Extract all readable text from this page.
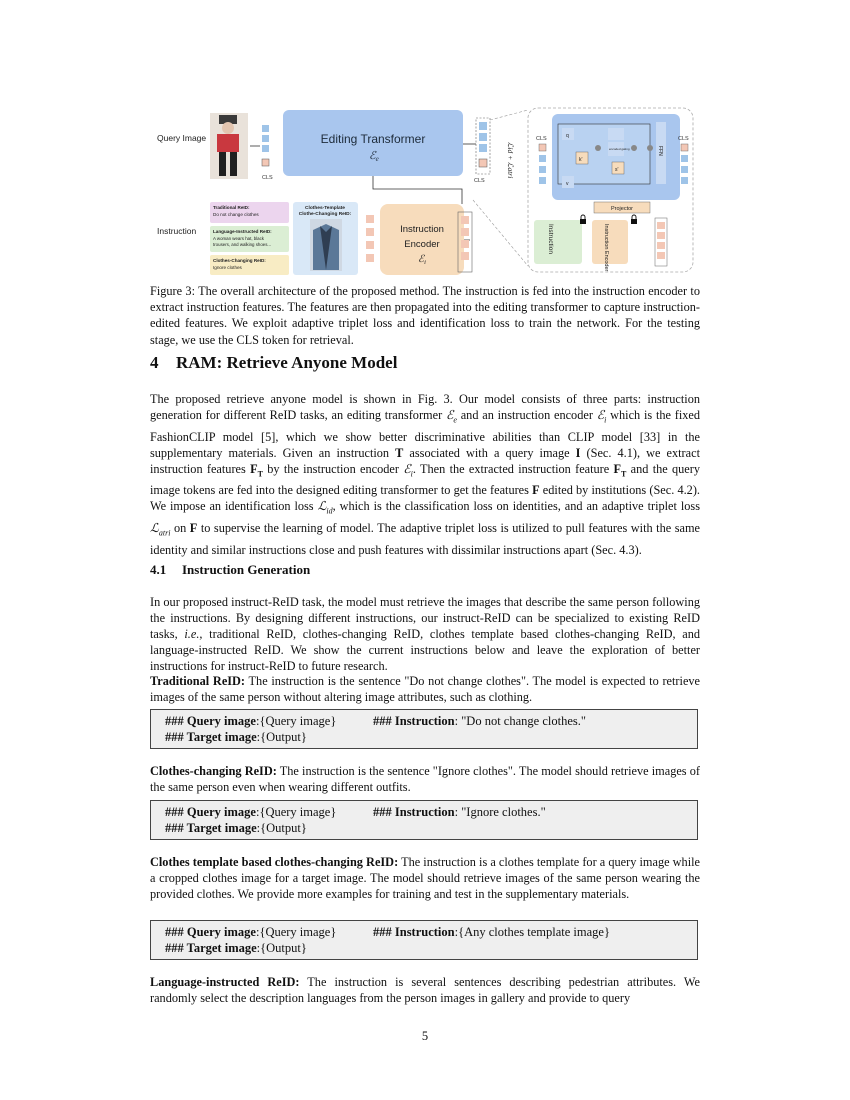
Query Image
CLS
Editing Transformer
ℰe
CLS
ℒid + ℒatri
Instruction
Traditional ReID:
Do not change clothes
Language-Instructed ReID:
A woman wears hat, black
trousers, and walking shoes...
Clothes-Changing ReID:
Ignore clothes
Clothes-Template
Clothe-Changing ReID:
Instruction
Encoder
ℰ$_i$
CLS	q
k'
v
encoded gating
s'
FFN
CLS
Projector
Instruction	Instruction Encoder
Figure 3: The overall architecture of the proposed method. The instruction is fed into the instruction encoder to extract instruction features. The features are then propagated into the editing transformer to capture instruction-edited features. We exploit adaptive triplet loss and identification loss to train the network. For the testing stage, we use the CLS token for retrieval.
4 RAM: Retrieve Anyone Model
The proposed retrieve anyone model is shown in Fig. 3. Our model consists of three parts: instruction generation for different ReID tasks, an editing transformer ℰ$_e$ and an instruction encoder ℰ$_i$ which is the fixed FashionCLIP model [5], which we show better discriminative abilities than CLIP model [33] in the supplementary materials. Given an instruction T associated with a query image I (Sec. 4.1), we extract instruction features $F_T$ by the instruction encoder ℰ$_i$. Then the extracted instruction feature $F_T$ and the query image tokens are fed into the designed editing transformer to get the features F edited by institutions (Sec. 4.2). We impose an identification loss ℒ$_{id}$, which is the classification loss on identities, and an adaptive triplet loss ℒ$_{atri}$ on F to supervise the learning of model. The adaptive triplet loss is utilized to pull features with the same identity and similar instructions close and push features with dissimilar instructions apart (Sec. 4.3).
4.1 Instruction Generation
In our proposed instruct-ReID task, the model must retrieve the images that describe the same person following the instructions. By designing different instructions, our instruct-ReID can be specialized to existing ReID tasks, i.e., traditional ReID, clothes-changing ReID, clothes template based clothes-changing ReID, and language-instructed ReID. We show the current instructions below and leave the exploration of better instructions for instruct-ReID to future research.
Traditional ReID: The instruction is the sentence "Do not change clothes". The model is expected to retrieve images of the same person without altering image attributes, such as clothing.
### Query image:{Query image}	### Instruction: "Do not change clothes."
### Target image:{Output}
Clothes-changing ReID: The instruction is the sentence "Ignore clothes". The model should retrieve images of the same person even when wearing different outfits.
### Query image:{Query image}	### Instruction: "Ignore clothes."
### Target image:{Output}
Clothes template based clothes-changing ReID: The instruction is a clothes template for a query image while a cropped clothes image for a target image. The model should retrieve images of the same person wearing the provided clothes. We provide more examples for training and test in the supplementary materials.
### Query image:{Query image}	### Instruction:{Any clothes template image}
### Target image:{Output}
Language-instructed ReID: The instruction is several sentences describing pedestrian attributes. We randomly select the description languages from the person images in gallery and provide to query
5
